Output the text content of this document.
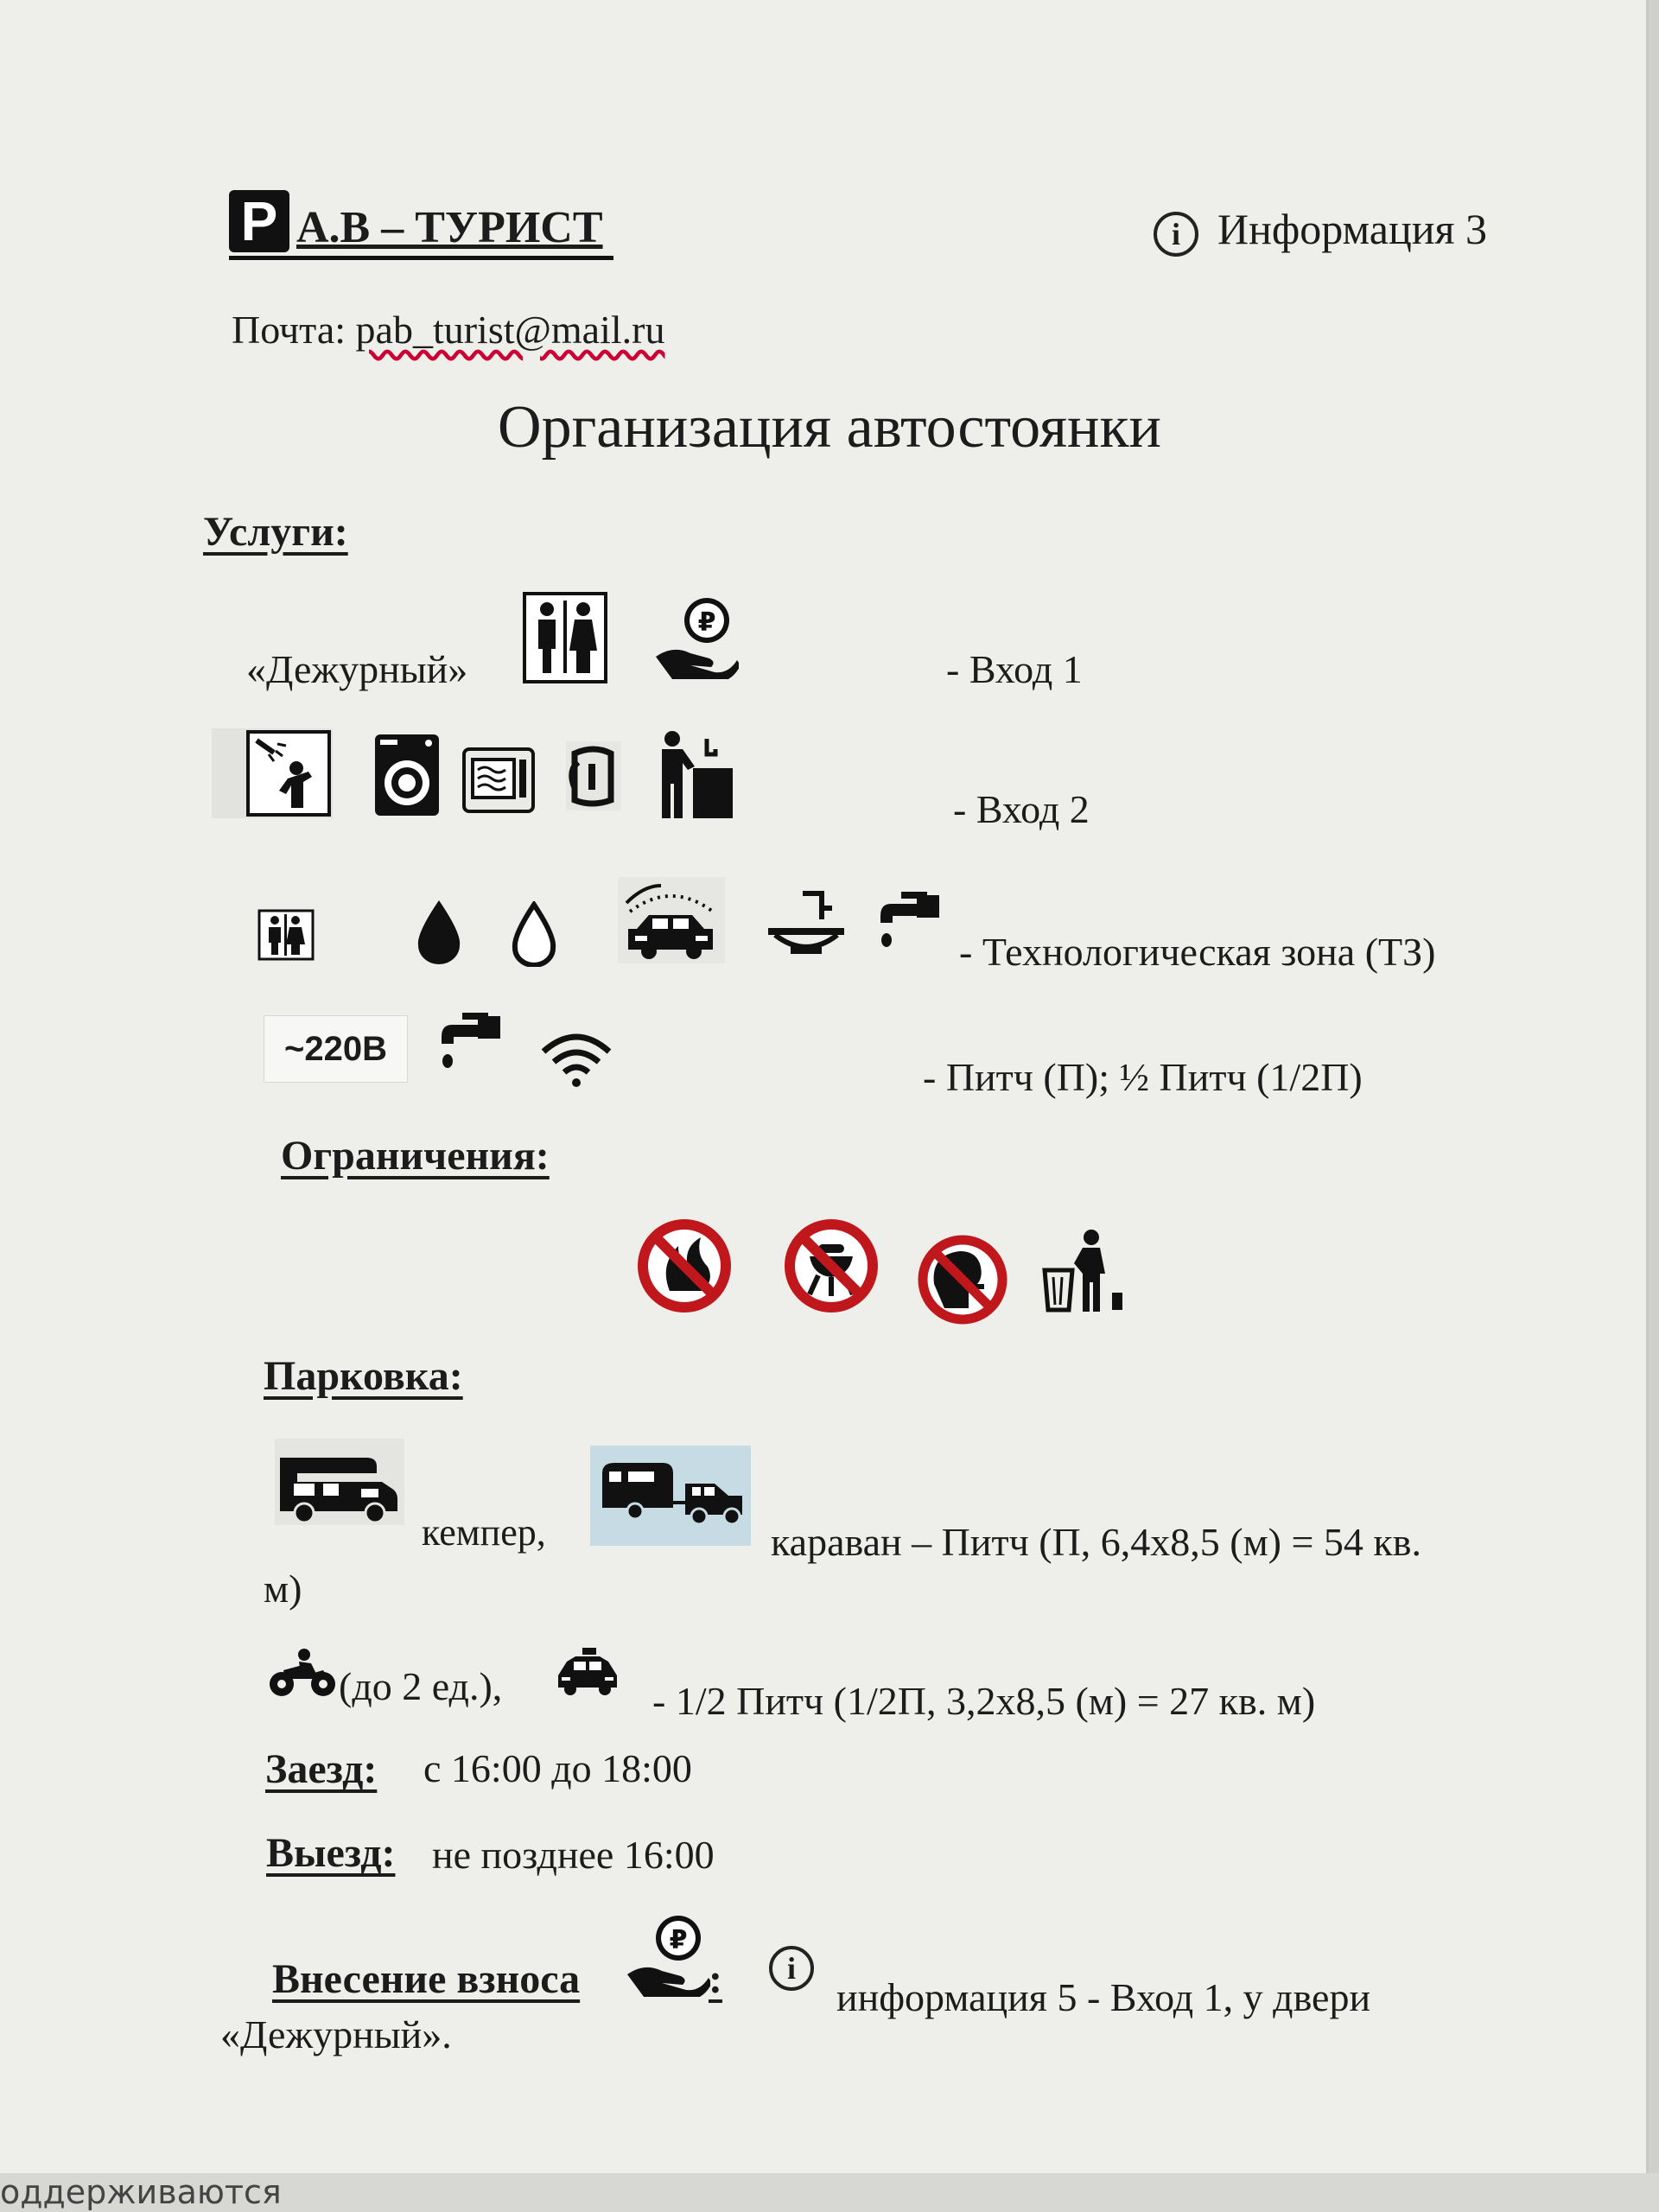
P А.В – ТУРИСТ	i Информация 3
Почта: pab_turist@mail.ru
Организация автостоянки
Услуги:
«Дежурный»
₽
- Вход 1
- Вход 2
- Технологическая зона (ТЗ)
~220В
- Питч (П); ½ Питч (1/2П)
Ограничения:
Парковка:
кемпер,	караван – Питч (П, 6,4х8,5 (м) = 54 кв.
м)
(до 2 ед.),	- 1/2 Питч (1/2П, 3,2х8,5 (м) = 27 кв. м)
Заезд: с 16:00 до 18:00
Выезд: не позднее 16:00
Внесение взноса
₽
:	i
информация 5 - Вход 1, у двери
«Дежурный».
оддерживаются
